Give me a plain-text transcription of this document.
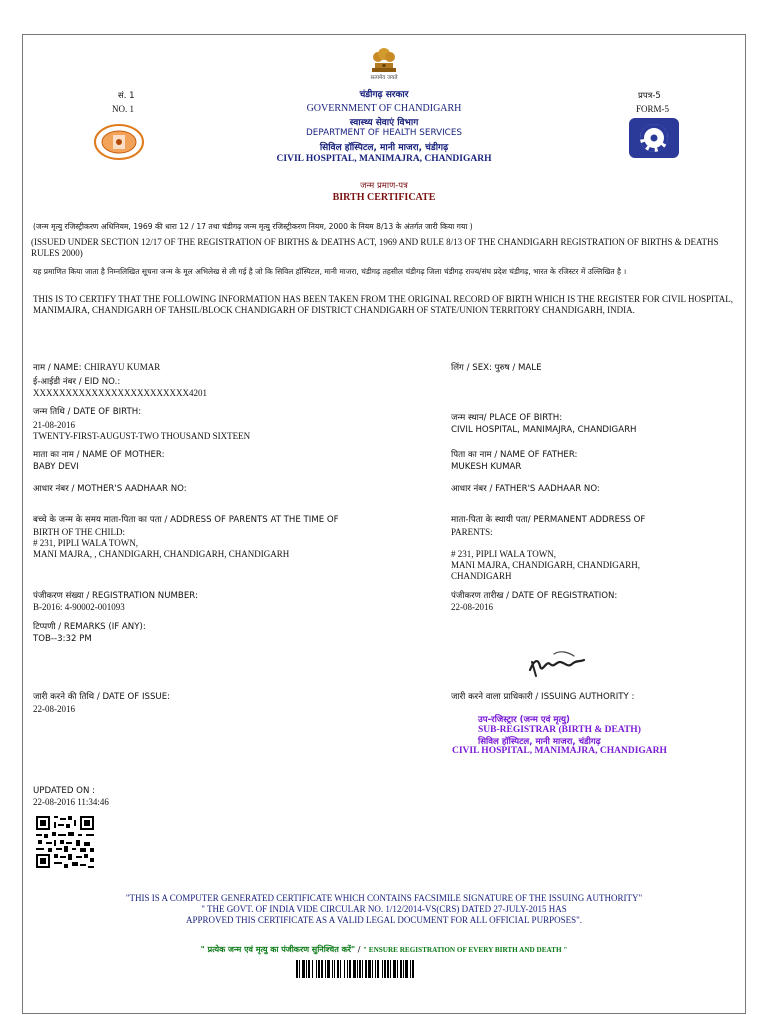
सत्यमेव जयते
सं. 1
NO. 1
प्रपत्र-5
FORM-5
चंडीगढ़ सरकार
GOVERNMENT OF CHANDIGARH
स्वास्थ्य सेवाएं विभाग
DEPARTMENT OF HEALTH SERVICES
सिविल हॉस्पिटल, मानी माजरा, चंडीगढ़
CIVIL HOSPITAL, MANIMAJRA, CHANDIGARH
जन्म प्रमाण-पत्र
BIRTH CERTIFICATE
(जन्म मृत्यु रजिस्ट्रीकरण अधिनियम, 1969 की धारा 12 / 17 तथा चंडीगढ़ जन्म मृत्यु रजिस्ट्रीकरण नियम, 2000 के नियम 8/13 के अंतर्गत जारी किया गया )
(ISSUED UNDER SECTION 12/17 OF THE REGISTRATION OF BIRTHS & DEATHS ACT, 1969 AND RULE 8/13 OF THE CHANDIGARH REGISTRATION OF BIRTHS & DEATHS RULES 2000)
यह प्रमाणित किया जाता है निम्नलिखित सूचना जन्म के मूल अभिलेख से ली गई है जो कि सिविल हॉस्पिटल, मानी माजरा, चंडीगढ़ तहसील चंडीगढ़ जिला चंडीगढ़ राज्य/संघ प्रदेश चंडीगढ़, भारत के रजिस्टर में उल्लिखित है ।
THIS IS TO CERTIFY THAT THE FOLLOWING INFORMATION HAS BEEN TAKEN FROM THE ORIGINAL RECORD OF BIRTH WHICH IS THE REGISTER FOR CIVIL HOSPITAL, MANIMAJRA, CHANDIGARH OF TAHSIL/BLOCK CHANDIGARH OF DISTRICT CHANDIGARH OF STATE/UNION TERRITORY CHANDIGARH, INDIA.
नाम / NAME: CHIRAYU KUMAR	लिंग / SEX: पुरुष / MALE
ई-आईडी नंबर / EID NO.:
XXXXXXXXXXXXXXXXXXXXXXXX4201
जन्म तिथि / DATE OF BIRTH:
21-08-2016
TWENTY-FIRST-AUGUST-TWO THOUSAND SIXTEEN
जन्म स्थान/ PLACE OF BIRTH:
CIVIL HOSPITAL, MANIMAJRA, CHANDIGARH
माता का नाम / NAME OF MOTHER:
BABY DEVI
पिता का नाम / NAME OF FATHER:
MUKESH KUMAR
आधार नंबर / MOTHER'S AADHAAR NO:	आधार नंबर / FATHER'S AADHAAR NO:
बच्चे के जन्म के समय माता-पिता का पता / ADDRESS OF PARENTS AT THE TIME OF
BIRTH OF THE CHILD:
# 231, PIPLI WALA TOWN,
MANI MAJRA, , CHANDIGARH, CHANDIGARH, CHANDIGARH
माता-पिता के स्थायी पता/ PERMANENT ADDRESS OF
PARENTS:
# 231, PIPLI WALA TOWN,
MANI MAJRA, CHANDIGARH, CHANDIGARH,
CHANDIGARH
पंजीकरण संख्या / REGISTRATION NUMBER:
B-2016: 4-90002-001093
पंजीकरण तारीख / DATE OF REGISTRATION:
22-08-2016
टिप्पणी / REMARKS (IF ANY):
TOB--3:32 PM
जारी करने की तिथि / DATE OF ISSUE:
22-08-2016
जारी करने वाला प्राधिकारी / ISSUING AUTHORITY :
उप-रजिस्ट्रार (जन्म एवं मृत्यु)
SUB-REGISTRAR (BIRTH & DEATH)
सिविल हॉस्पिटल, मानी माजरा, चंडीगढ़
CIVIL HOSPITAL, MANIMAJRA, CHANDIGARH
UPDATED ON :
22-08-2016 11:34:46
"THIS IS A COMPUTER GENERATED CERTIFICATE WHICH CONTAINS FACSIMILE SIGNATURE OF THE ISSUING AUTHORITY"
" THE GOVT. OF INDIA VIDE CIRCULAR NO. 1/12/2014-VS(CRS) DATED 27-JULY-2015 HAS
APPROVED THIS CERTIFICATE AS A VALID LEGAL DOCUMENT FOR ALL OFFICIAL PURPOSES".
" प्रत्येक जन्म एवं मृत्यु का पंजीकरण सुनिश्चित करें" / " ENSURE REGISTRATION OF EVERY BIRTH AND DEATH "
